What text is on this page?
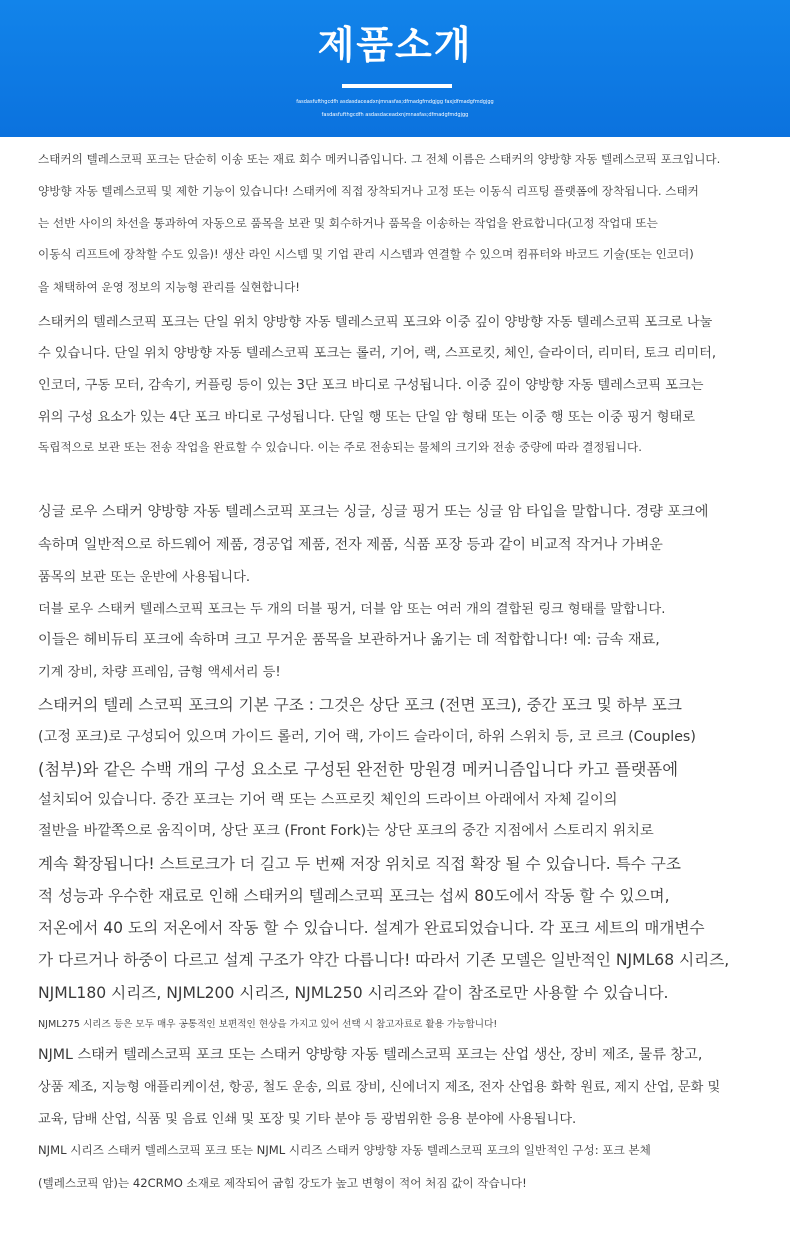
제품소개
fasdasfufthgcdfh asdasdaceadxnjmnasfas;dfmadgfmdgjgg faxjdfmadgfmdgjgg
fasdasfufthgcdfh asdasdaceadxnjmnasfas;dfmadgfmdgjgg
스태커의 텔레스코픽 포크는 단순히 이송 또는 재료 회수 메커니즘입니다. 그 전체 이름은 스태커의 양방향 자동 텔레스코픽 포크입니다.
양방향 자동 텔레스코픽 및 제한 기능이 있습니다! 스태커에 직접 장착되거나 고정 또는 이동식 리프팅 플랫폼에 장착됩니다. 스태커
는 선반 사이의 차선을 통과하여 자동으로 품목을 보관 및 회수하거나 품목을 이송하는 작업을 완료합니다(고정 작업대 또는
이동식 리프트에 장착할 수도 있음)! 생산 라인 시스템 및 기업 관리 시스템과 연결할 수 있으며 컴퓨터와 바코드 기술(또는 인코더)
을 채택하여 운영 정보의 지능형 관리를 실현합니다!
스태커의 텔레스코픽 포크는 단일 위치 양방향 자동 텔레스코픽 포크와 이중 깊이 양방향 자동 텔레스코픽 포크로 나눌
수 있습니다. 단일 위치 양방향 자동 텔레스코픽 포크는 롤러, 기어, 랙, 스프로킷, 체인, 슬라이더, 리미터, 토크 리미터,
인코더, 구동 모터, 감속기, 커플링 등이 있는 3단 포크 바디로 구성됩니다. 이중 깊이 양방향 자동 텔레스코픽 포크는
위의 구성 요소가 있는 4단 포크 바디로 구성됩니다. 단일 행 또는 단일 암 형태 또는 이중 행 또는 이중 핑거 형태로
독립적으로 보관 또는 전송 작업을 완료할 수 있습니다. 이는 주로 전송되는 물체의 크기와 전송 중량에 따라 결정됩니다.
싱글 로우 스태커 양방향 자동 텔레스코픽 포크는 싱글, 싱글 핑거 또는 싱글 암 타입을 말합니다. 경량 포크에
속하며 일반적으로 하드웨어 제품, 경공업 제품, 전자 제품, 식품 포장 등과 같이 비교적 작거나 가벼운
품목의 보관 또는 운반에 사용됩니다.
더블 로우 스태커 텔레스코픽 포크는 두 개의 더블 핑거, 더블 암 또는 여러 개의 결합된 링크 형태를 말합니다.
이들은 헤비듀티 포크에 속하며 크고 무거운 품목을 보관하거나 옮기는 데 적합합니다! 예: 금속 재료,
기계 장비, 차량 프레임, 금형 액세서리 등!
스태커의 텔레 스코픽 포크의 기본 구조 : 그것은 상단 포크 (전면 포크), 중간 포크 및 하부 포크
(고정 포크)로 구성되어 있으며 가이드 롤러, 기어 랙, 가이드 슬라이더, 하위 스위치 등, 코 르크 (Couples)
(첨부)와 같은 수백 개의 구성 요소로 구성된 완전한 망원경 메커니즘입니다 카고 플랫폼에
설치되어 있습니다. 중간 포크는 기어 랙 또는 스프로킷 체인의 드라이브 아래에서 자체 길이의
절반을 바깥쪽으로 움직이며, 상단 포크 (Front Fork)는 상단 포크의 중간 지점에서 스토리지 위치로
계속 확장됩니다! 스트로크가 더 길고 두 번째 저장 위치로 직접 확장 될 수 있습니다. 특수 구조
적 성능과 우수한 재료로 인해 스태커의 텔레스코픽 포크는 섭씨 80도에서 작동 할 수 있으며,
저온에서 40 도의 저온에서 작동 할 수 있습니다. 설계가 완료되었습니다. 각 포크 세트의 매개변수
가 다르거나 하중이 다르고 설계 구조가 약간 다릅니다! 따라서 기존 모델은 일반적인 NJML68 시리즈,
NJML180 시리즈, NJML200 시리즈, NJML250 시리즈와 같이 참조로만 사용할 수 있습니다.
NJML275 시리즈 등은 모두 매우 공통적인 보편적인 현상을 가지고 있어 선택 시 참고자료로 활용 가능합니다!
NJML 스태커 텔레스코픽 포크 또는 스태커 양방향 자동 텔레스코픽 포크는 산업 생산, 장비 제조, 물류 창고,
상품 제조, 지능형 애플리케이션, 항공, 철도 운송, 의료 장비, 신에너지 제조, 전자 산업용 화학 원료, 제지 산업, 문화 및
교육, 담배 산업, 식품 및 음료 인쇄 및 포장 및 기타 분야 등 광범위한 응용 분야에 사용됩니다.
NJML 시리즈 스태커 텔레스코픽 포크 또는 NJML 시리즈 스태커 양방향 자동 텔레스코픽 포크의 일반적인 구성: 포크 본체
(텔레스코픽 암)는 42CRMO 소재로 제작되어 굽힘 강도가 높고 변형이 적어 처짐 값이 작습니다!
